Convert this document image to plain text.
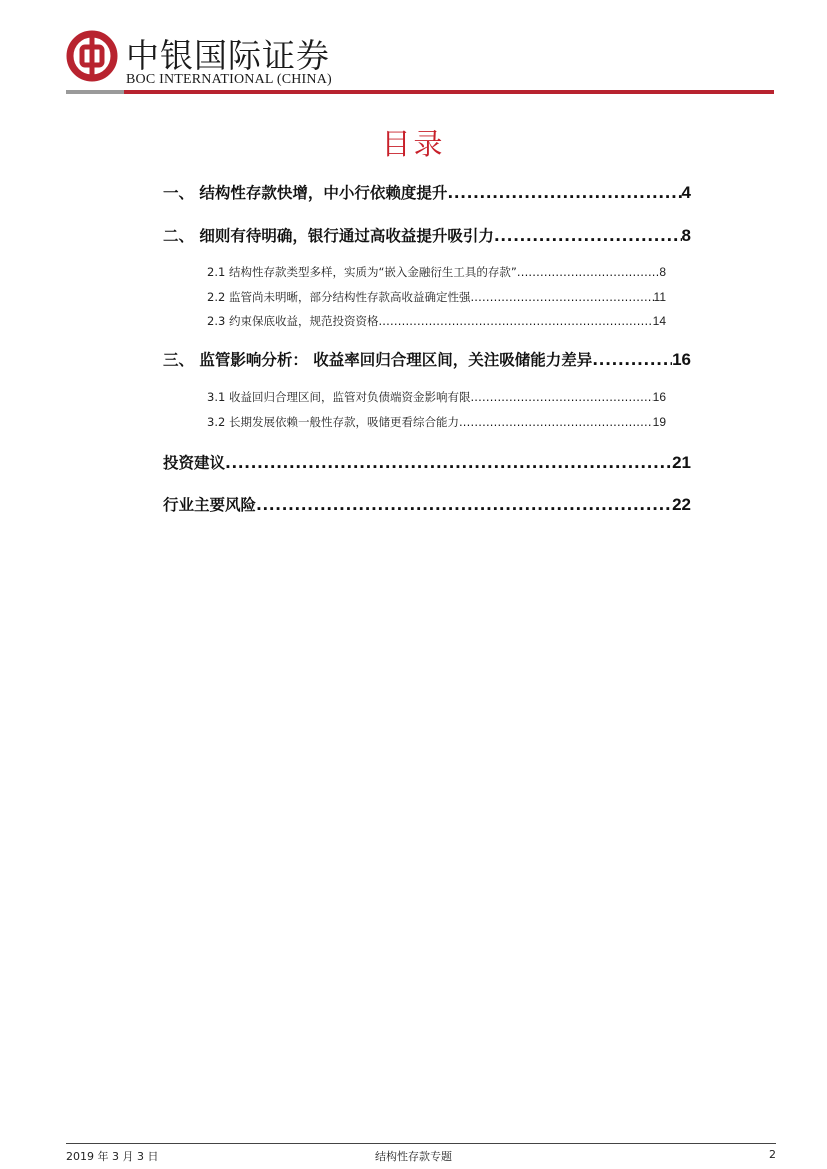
中银国际证券
BOC INTERNATIONAL (CHINA)
目录
一、 结构性存款快增，中小行依赖度提升 .....	4
二、 细则有待明确，银行通过高收益提升吸引力 .....	8
2.1 结构性存款类型多样，实质为“嵌入金融衍生工具的存款” .....	8
2.2 监管尚未明晰，部分结构性存款高收益确定性强 .....	11
2.3 约束保底收益，规范投资资格 .....	14
三、 监管影响分析： 收益率回归合理区间，关注吸储能力差异 .....	16
3.1 收益回归合理区间，监管对负债端资金影响有限 .....	16
3.2 长期发展依赖一般性存款，吸储更看综合能力 .....	19
投资建议 .....	21
行业主要风险 .....	22
2019 年 3 月 3 日	结构性存款专题	2
